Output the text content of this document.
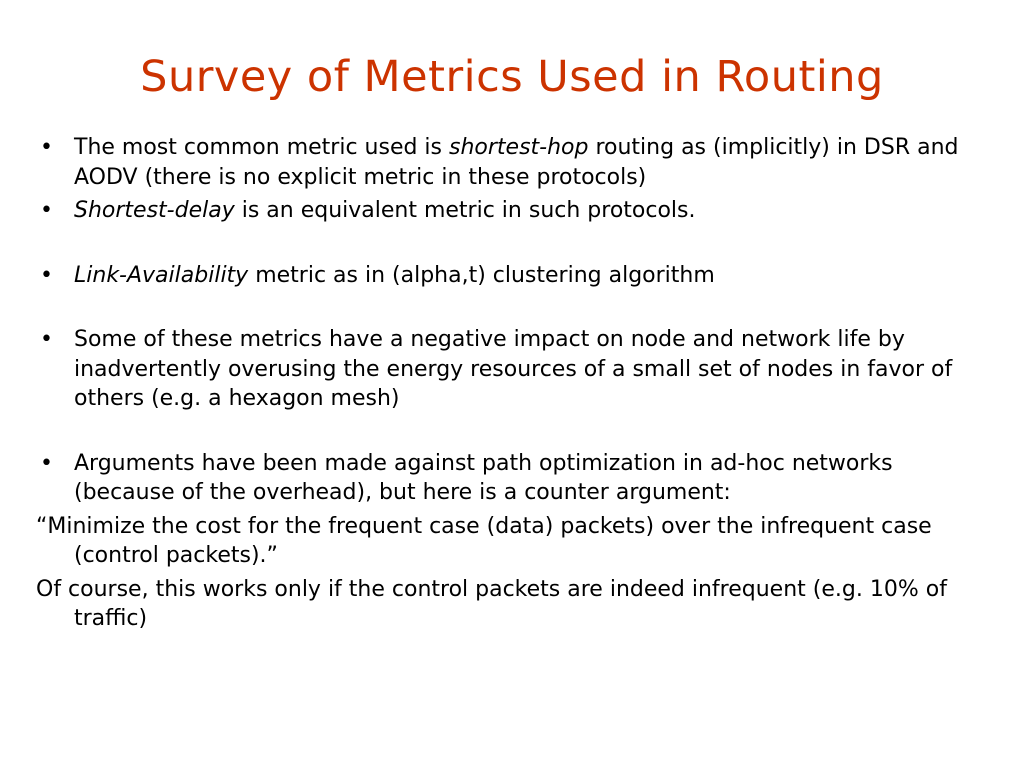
Survey of Metrics Used in Routing

• The most common metric used is shortest-hop routing as (implicitly) in DSR and AODV (there is no explicit metric in these protocols)

• Shortest-delay is an equivalent metric in such protocols.

• Link-Availability metric as in (alpha,t) clustering algorithm

• Some of these metrics have a negative impact on node and network life by inadvertently overusing the energy resources of a small set of nodes in favor of others (e.g. a hexagon mesh)

• Arguments have been made against path optimization in ad-hoc networks (because of the overhead), but here is a counter argument:

“Minimize the cost for the frequent case (data) packets) over the infrequent case (control packets).”

Of course, this works only if the control packets are indeed infrequent (e.g. 10% of traffic)
